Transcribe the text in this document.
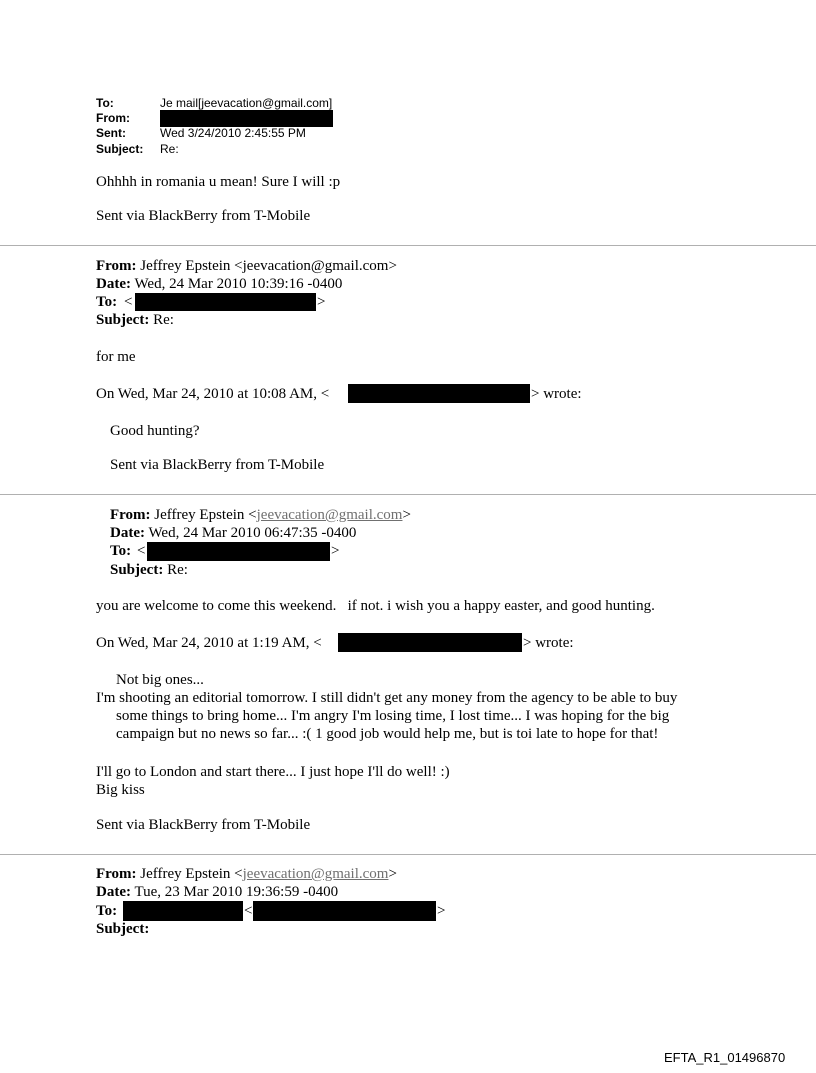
To:	Je mail[jeevacation@gmail.com]
From:
Sent:	Wed 3/24/2010 2:45:55 PM
Subject: Re:
Ohhhh in romania u mean! Sure I will :p
Sent via BlackBerry from T-Mobile
From: Jeffrey Epstein <jeevacation@gmail.com>
Date: Wed, 24 Mar 2010 10:39:16 -0400
To: <	>
Subject: Re:
for me
On Wed, Mar 24, 2010 at 10:08 AM, <	> wrote:
Good hunting?
Sent via BlackBerry from T-Mobile
From: Jeffrey Epstein <jeevacation@gmail.com>
Date: Wed, 24 Mar 2010 06:47:35 -0400
To: <	>
Subject: Re:
you are welcome to come this weekend.   if not. i wish you a happy easter, and good hunting.
On Wed, Mar 24, 2010 at 1:19 AM, <	> wrote:
Not big ones...
I'm shooting an editorial tomorrow. I still didn't get any money from the agency to be able to buy
some things to bring home... I'm angry I'm losing time, I lost time... I was hoping for the big
campaign but no news so far... :( 1 good job would help me, but is toi late to hope for that!
I'll go to London and start there... I just hope I'll do well! :)
Big kiss
Sent via BlackBerry from T-Mobile
From: Jeffrey Epstein <jeevacation@gmail.com>
Date: Tue, 23 Mar 2010 19:36:59 -0400
To:	<	>
Subject:
EFTA_R1_01496870
